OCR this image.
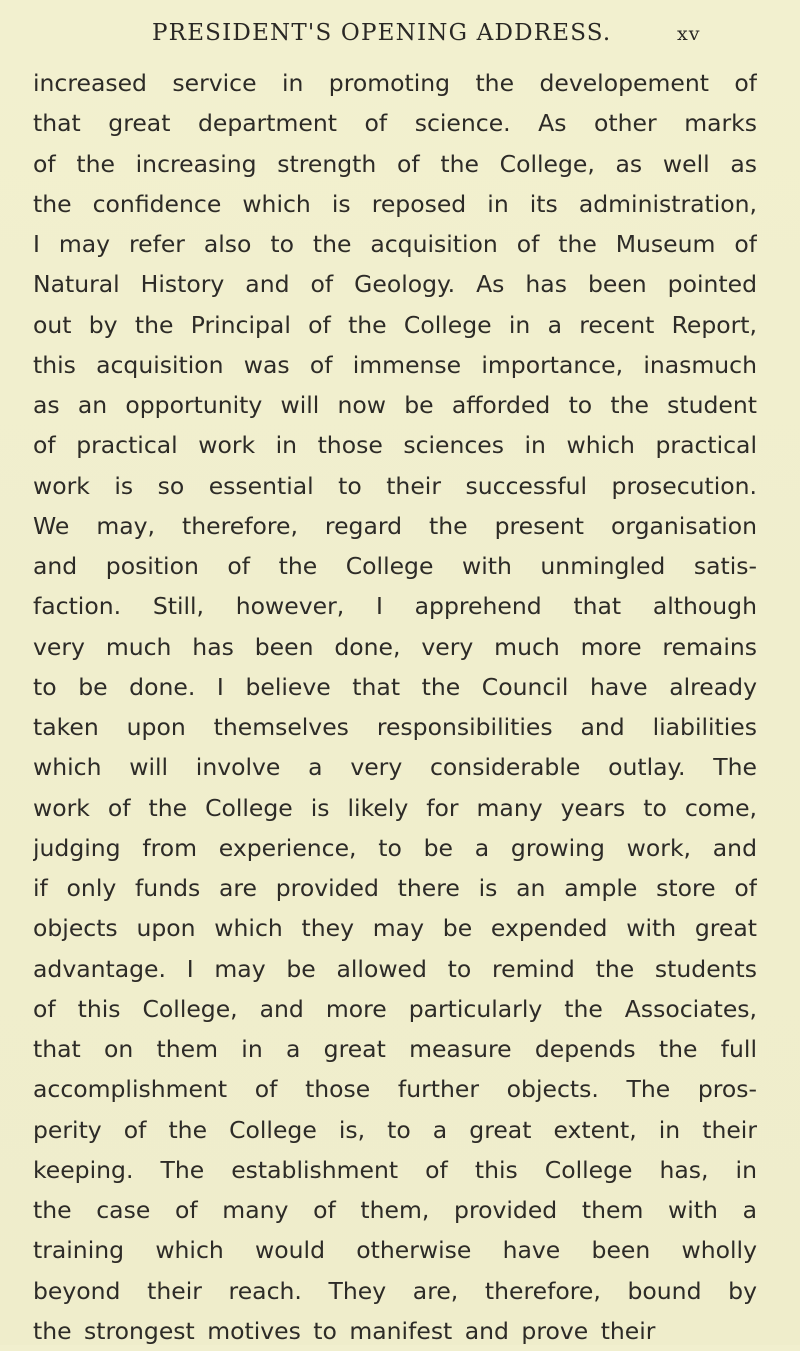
PRESIDENT'S OPENING ADDRESS.	xv
increased service in promoting the developement of
that great department of science. As other marks
of the increasing strength of the College, as well as
the confidence which is reposed in its administration,
I may refer also to the acquisition of the Museum of
Natural History and of Geology. As has been pointed
out by the Principal of the College in a recent Report,
this acquisition was of immense importance, inasmuch
as an opportunity will now be afforded to the student
of practical work in those sciences in which practical
work is so essential to their successful prosecution.
We may, therefore, regard the present organisation
and position of the College with unmingled satis-
faction. Still, however, I apprehend that although
very much has been done, very much more remains
to be done. I believe that the Council have already
taken upon themselves responsibilities and liabilities
which will involve a very considerable outlay. The
work of the College is likely for many years to come,
judging from experience, to be a growing work, and
if only funds are provided there is an ample store of
objects upon which they may be expended with great
advantage. I may be allowed to remind the students
of this College, and more particularly the Associates,
that on them in a great measure depends the full
accomplishment of those further objects. The pros-
perity of the College is, to a great extent, in their
keeping. The establishment of this College has, in
the case of many of them, provided them with a
training which would otherwise have been wholly
beyond their reach. They are, therefore, bound by
the strongest motives to manifest and prove their
